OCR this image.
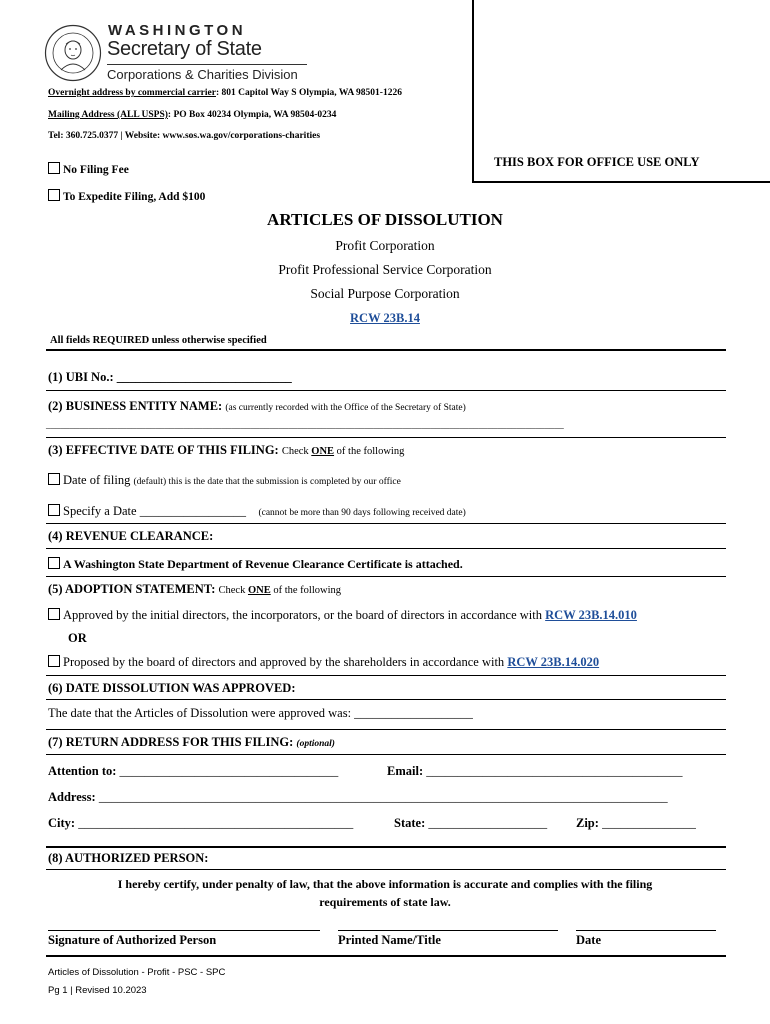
WASHINGTON
Secretary of State
Corporations & Charities Division
Overnight address by commercial carrier: 801 Capitol Way S Olympia, WA 98501-1226
Mailing Address (ALL USPS): PO Box 40234 Olympia, WA 98504-0234
Tel: 360.725.0377 | Website: www.sos.wa.gov/corporations-charities
THIS BOX FOR OFFICE USE ONLY
No Filing Fee
To Expedite Filing, Add $100
ARTICLES OF DISSOLUTION
Profit Corporation
Profit Professional Service Corporation
Social Purpose Corporation
RCW 23B.14
All fields REQUIRED unless otherwise specified
(1) UBI No.: ____________________________
(2) BUSINESS ENTITY NAME: (as currently recorded with the Office of the Secretary of State)
_____________________________________________________________________________________________________________
(3) EFFECTIVE DATE OF THIS FILING: Check ONE of the following
Date of filing (default) this is the date that the submission is completed by our office
Specify a Date _________________ (cannot be more than 90 days following received date)
(4) REVENUE CLEARANCE:
A Washington State Department of Revenue Clearance Certificate is attached.
(5) ADOPTION STATEMENT: Check ONE of the following
Approved by the initial directors, the incorporators, or the board of directors in accordance with RCW 23B.14.010
OR
Proposed by the board of directors and approved by the shareholders in accordance with RCW 23B.14.020
(6) DATE DISSOLUTION WAS APPROVED:
The date that the Articles of Dissolution were approved was: ___________________
(7) RETURN ADDRESS FOR THIS FILING: (optional)
Attention to: ___________________________________	Email: _________________________________________
Address: ___________________________________________________________________________________________
City: ____________________________________________	State: ___________________ Zip: _______________
(8) AUTHORIZED PERSON:
I hereby certify, under penalty of law, that the above information is accurate and complies with the filing
requirements of state law.
Signature of Authorized Person	Printed Name/Title	Date
Articles of Dissolution - Profit - PSC - SPC
Pg 1 | Revised 10.2023
